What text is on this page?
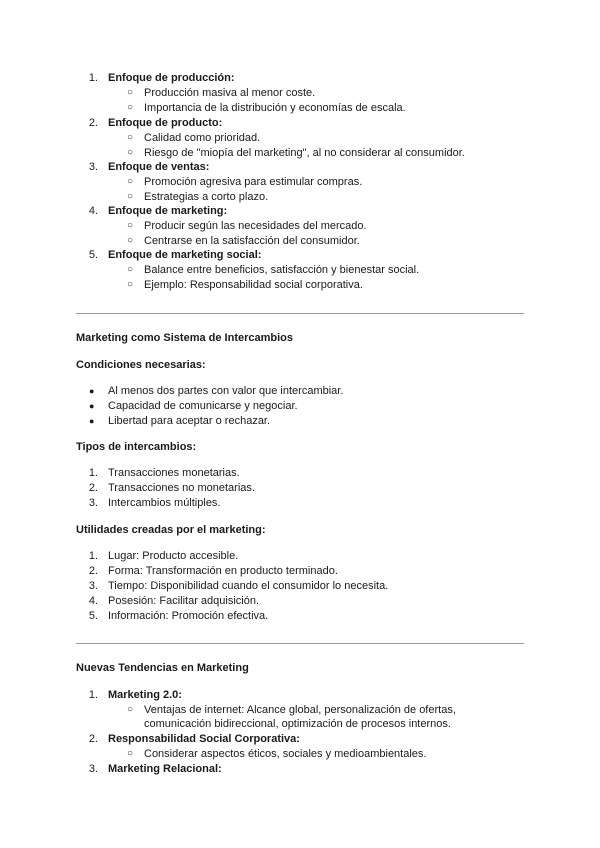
1. Enfoque de producción:
○ Producción masiva al menor coste.
○ Importancia de la distribución y economías de escala.
2. Enfoque de producto:
○ Calidad como prioridad.
○ Riesgo de "miopía del marketing", al no considerar al consumidor.
3. Enfoque de ventas:
○ Promoción agresiva para estimular compras.
○ Estrategias a corto plazo.
4. Enfoque de marketing:
○ Producir según las necesidades del mercado.
○ Centrarse en la satisfacción del consumidor.
5. Enfoque de marketing social:
○ Balance entre beneficios, satisfacción y bienestar social.
○ Ejemplo: Responsabilidad social corporativa.
Marketing como Sistema de Intercambios
Condiciones necesarias:
● Al menos dos partes con valor que intercambiar.
● Capacidad de comunicarse y negociar.
● Libertad para aceptar o rechazar.
Tipos de intercambios:
1. Transacciones monetarias.
2. Transacciones no monetarias.
3. Intercambios múltiples.
Utilidades creadas por el marketing:
1. Lugar: Producto accesible.
2. Forma: Transformación en producto terminado.
3. Tiempo: Disponibilidad cuando el consumidor lo necesita.
4. Posesión: Facilitar adquisición.
5. Información: Promoción efectiva.
Nuevas Tendencias en Marketing
1. Marketing 2.0:
○ Ventajas de internet: Alcance global, personalización de ofertas,
comunicación bidireccional, optimización de procesos internos.
2. Responsabilidad Social Corporativa:
○ Considerar aspectos éticos, sociales y medioambientales.
3. Marketing Relacional:
